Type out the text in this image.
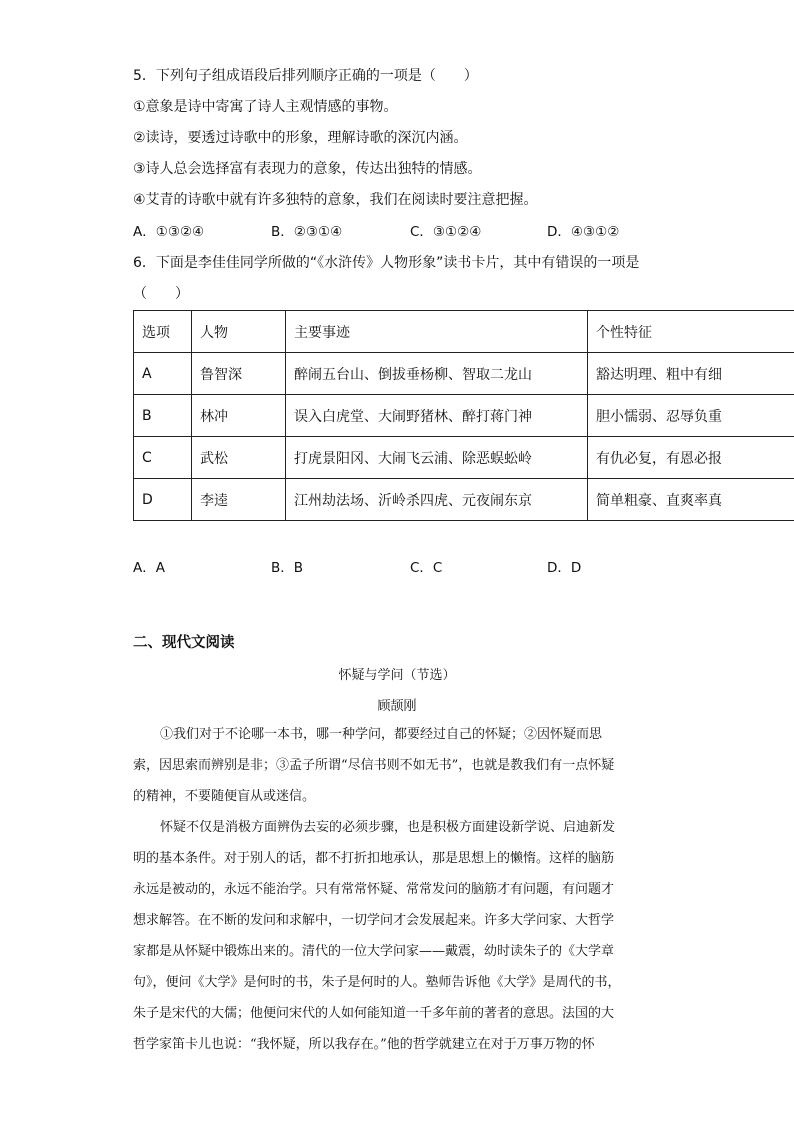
5．下列句子组成语段后排列顺序正确的一项是（　　）
①意象是诗中寄寓了诗人主观情感的事物。
②读诗，要透过诗歌中的形象，理解诗歌的深沉内涵。
③诗人总会选择富有表现力的意象，传达出独特的情感。
④艾青的诗歌中就有许多独特的意象，我们在阅读时要注意把握。
A．①③②④	B．②③①④	C．③①②④	D．④③①②
6．下面是李佳佳同学所做的“《水浒传》人物形象”读书卡片，其中有错误的一项是
（　　）
选项	人物	主要事迹	个性特征
A	鲁智深	醉闹五台山、倒拔垂杨柳、智取二龙山	豁达明理、粗中有细
B	林冲	误入白虎堂、大闹野猪林、醉打蒋门神	胆小懦弱、忍辱负重
C	武松	打虎景阳冈、大闹飞云浦、除恶蜈蚣岭	有仇必复，有恩必报
D	李逵	江州劫法场、沂岭杀四虎、元夜闹东京	简单粗豪、直爽率真
A．A	B．B	C．C	D．D
二、现代文阅读
怀疑与学问（节选）
顾颉刚
①我们对于不论哪一本书，哪一种学问，都要经过自己的怀疑；②因怀疑而思
索，因思索而辨别是非；③孟子所谓“尽信书则不如无书”，也就是教我们有一点怀疑
的精神，不要随便盲从或迷信。
怀疑不仅是消极方面辨伪去妄的必须步骤，也是积极方面建设新学说、启迪新发
明的基本条件。对于别人的话，都不打折扣地承认，那是思想上的懒惰。这样的脑筋
永远是被动的，永远不能治学。只有常常怀疑、常常发问的脑筋才有问题，有问题才
想求解答。在不断的发问和求解中，一切学问才会发展起来。许多大学问家、大哲学
家都是从怀疑中锻炼出来的。清代的一位大学问家——戴震，幼时读朱子的《大学章
句》，便问《大学》是何时的书，朱子是何时的人。塾师告诉他《大学》是周代的书，
朱子是宋代的大儒；他便问宋代的人如何能知道一千多年前的著者的意思。法国的大
哲学家笛卡儿也说：“我怀疑，所以我存在。”他的哲学就建立在对于万事万物的怀
